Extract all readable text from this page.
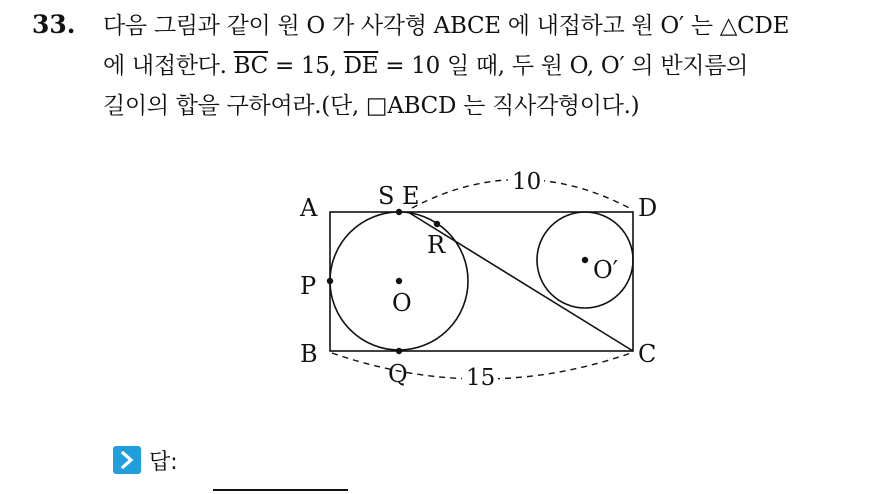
33. 다음 그림과 같이 원 O 가 사각형 ABCE 에 내접하고 원 O′ 는 △CDE
에 내접한다. $\overline{BC} = 15$, $\overline{DE} = 10$ 일 때, 두 원 O, O′ 의 반지름의
길이의 합을 구하여라.(단, □ABCD 는 직사각형이다.)
A	S E	D
R
P
O
O′
B
Q
C
10
15
답:
